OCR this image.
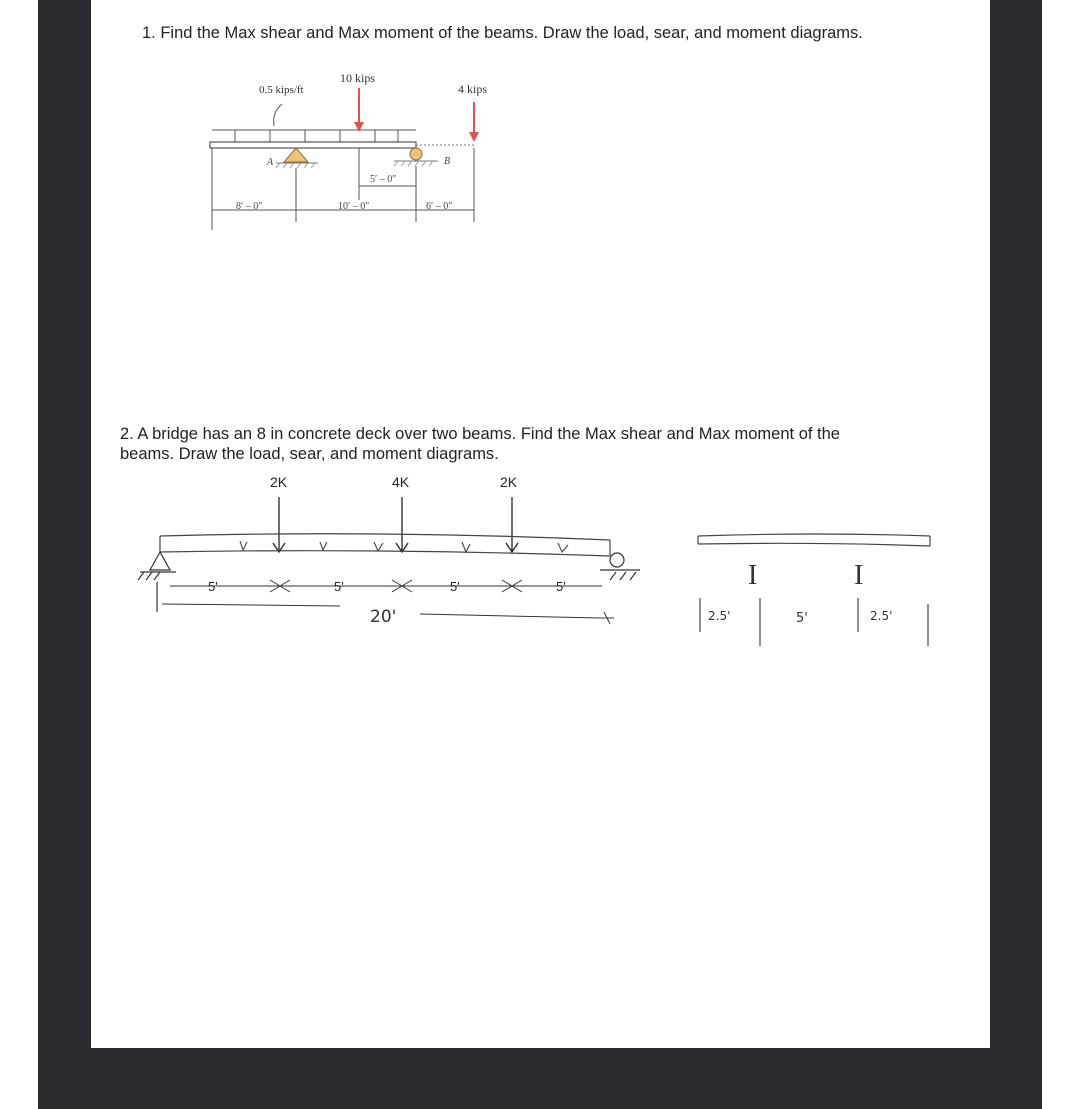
1. Find the Max shear and Max moment of the beams. Draw the load, sear, and moment diagrams.
8′ – 0″	10′ – 0″	6′ – 0″
5′ – 0″
0.5 kips/ft
10 kips
4 kips
A	B
2. A bridge has an 8 in concrete deck over two beams. Find the Max shear and Max moment of the beams. Draw the load, sear, and moment diagrams.
2K	4K	2K
5'	5'	5'	5'
20'
I	I
2.5'	5'	2.5'
